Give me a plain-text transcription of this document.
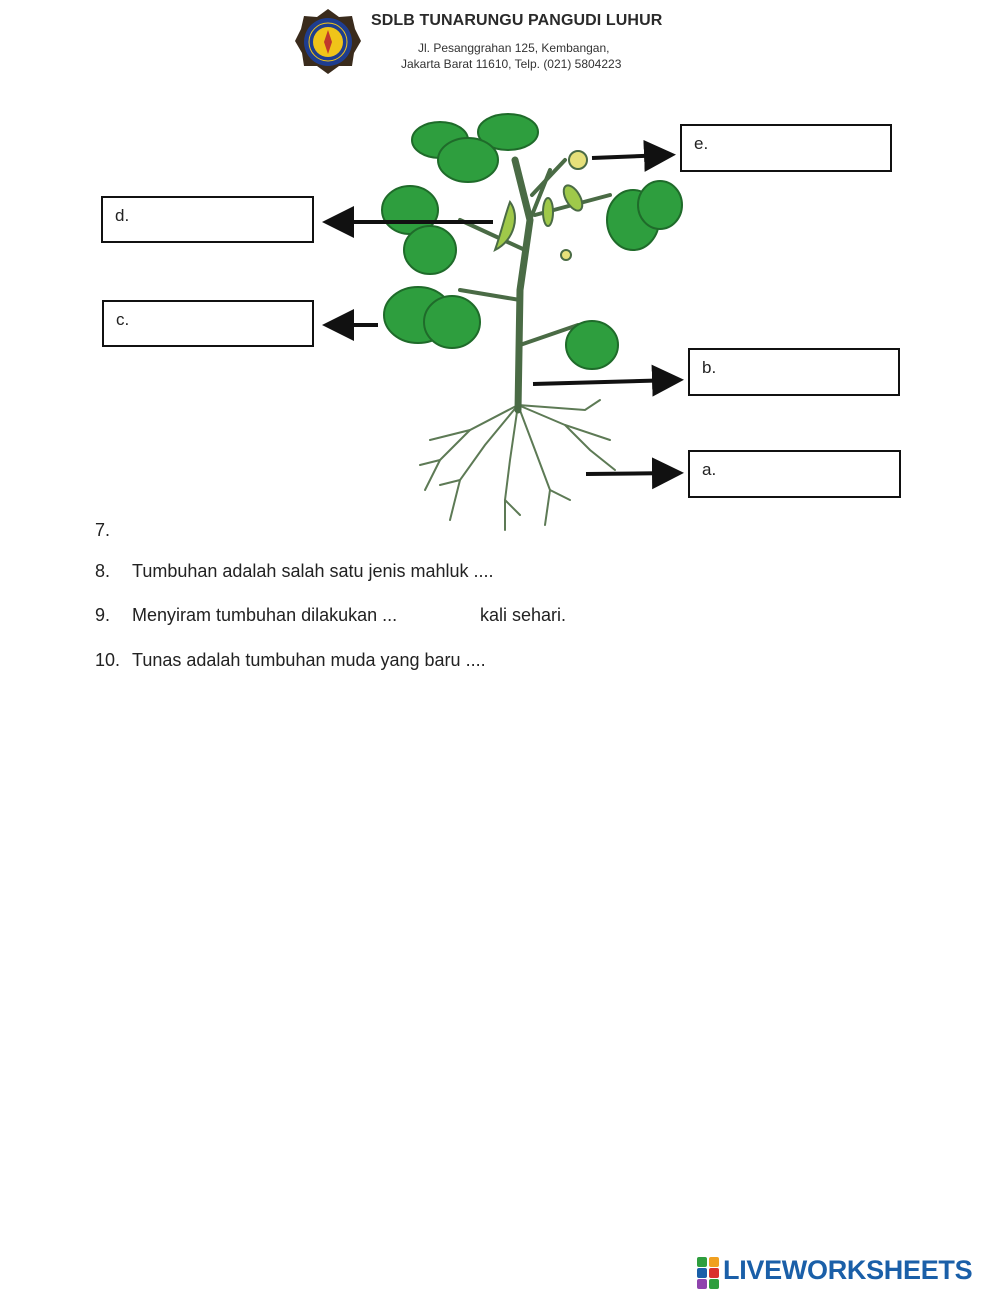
SDLB TUNARUNGU PANGUDI LUHUR
Jl. Pesanggrahan 125, Kembangan,
Jakarta Barat 11610, Telp. (021) 5804223
e.
d.
c.
b.
a.
7.
8. Tumbuhan adalah salah satu jenis mahluk ....
9. Menyiram tumbuhan dilakukan ...	kali sehari.
10. Tunas adalah tumbuhan muda yang baru ....
LIVEWORKSHEETS
